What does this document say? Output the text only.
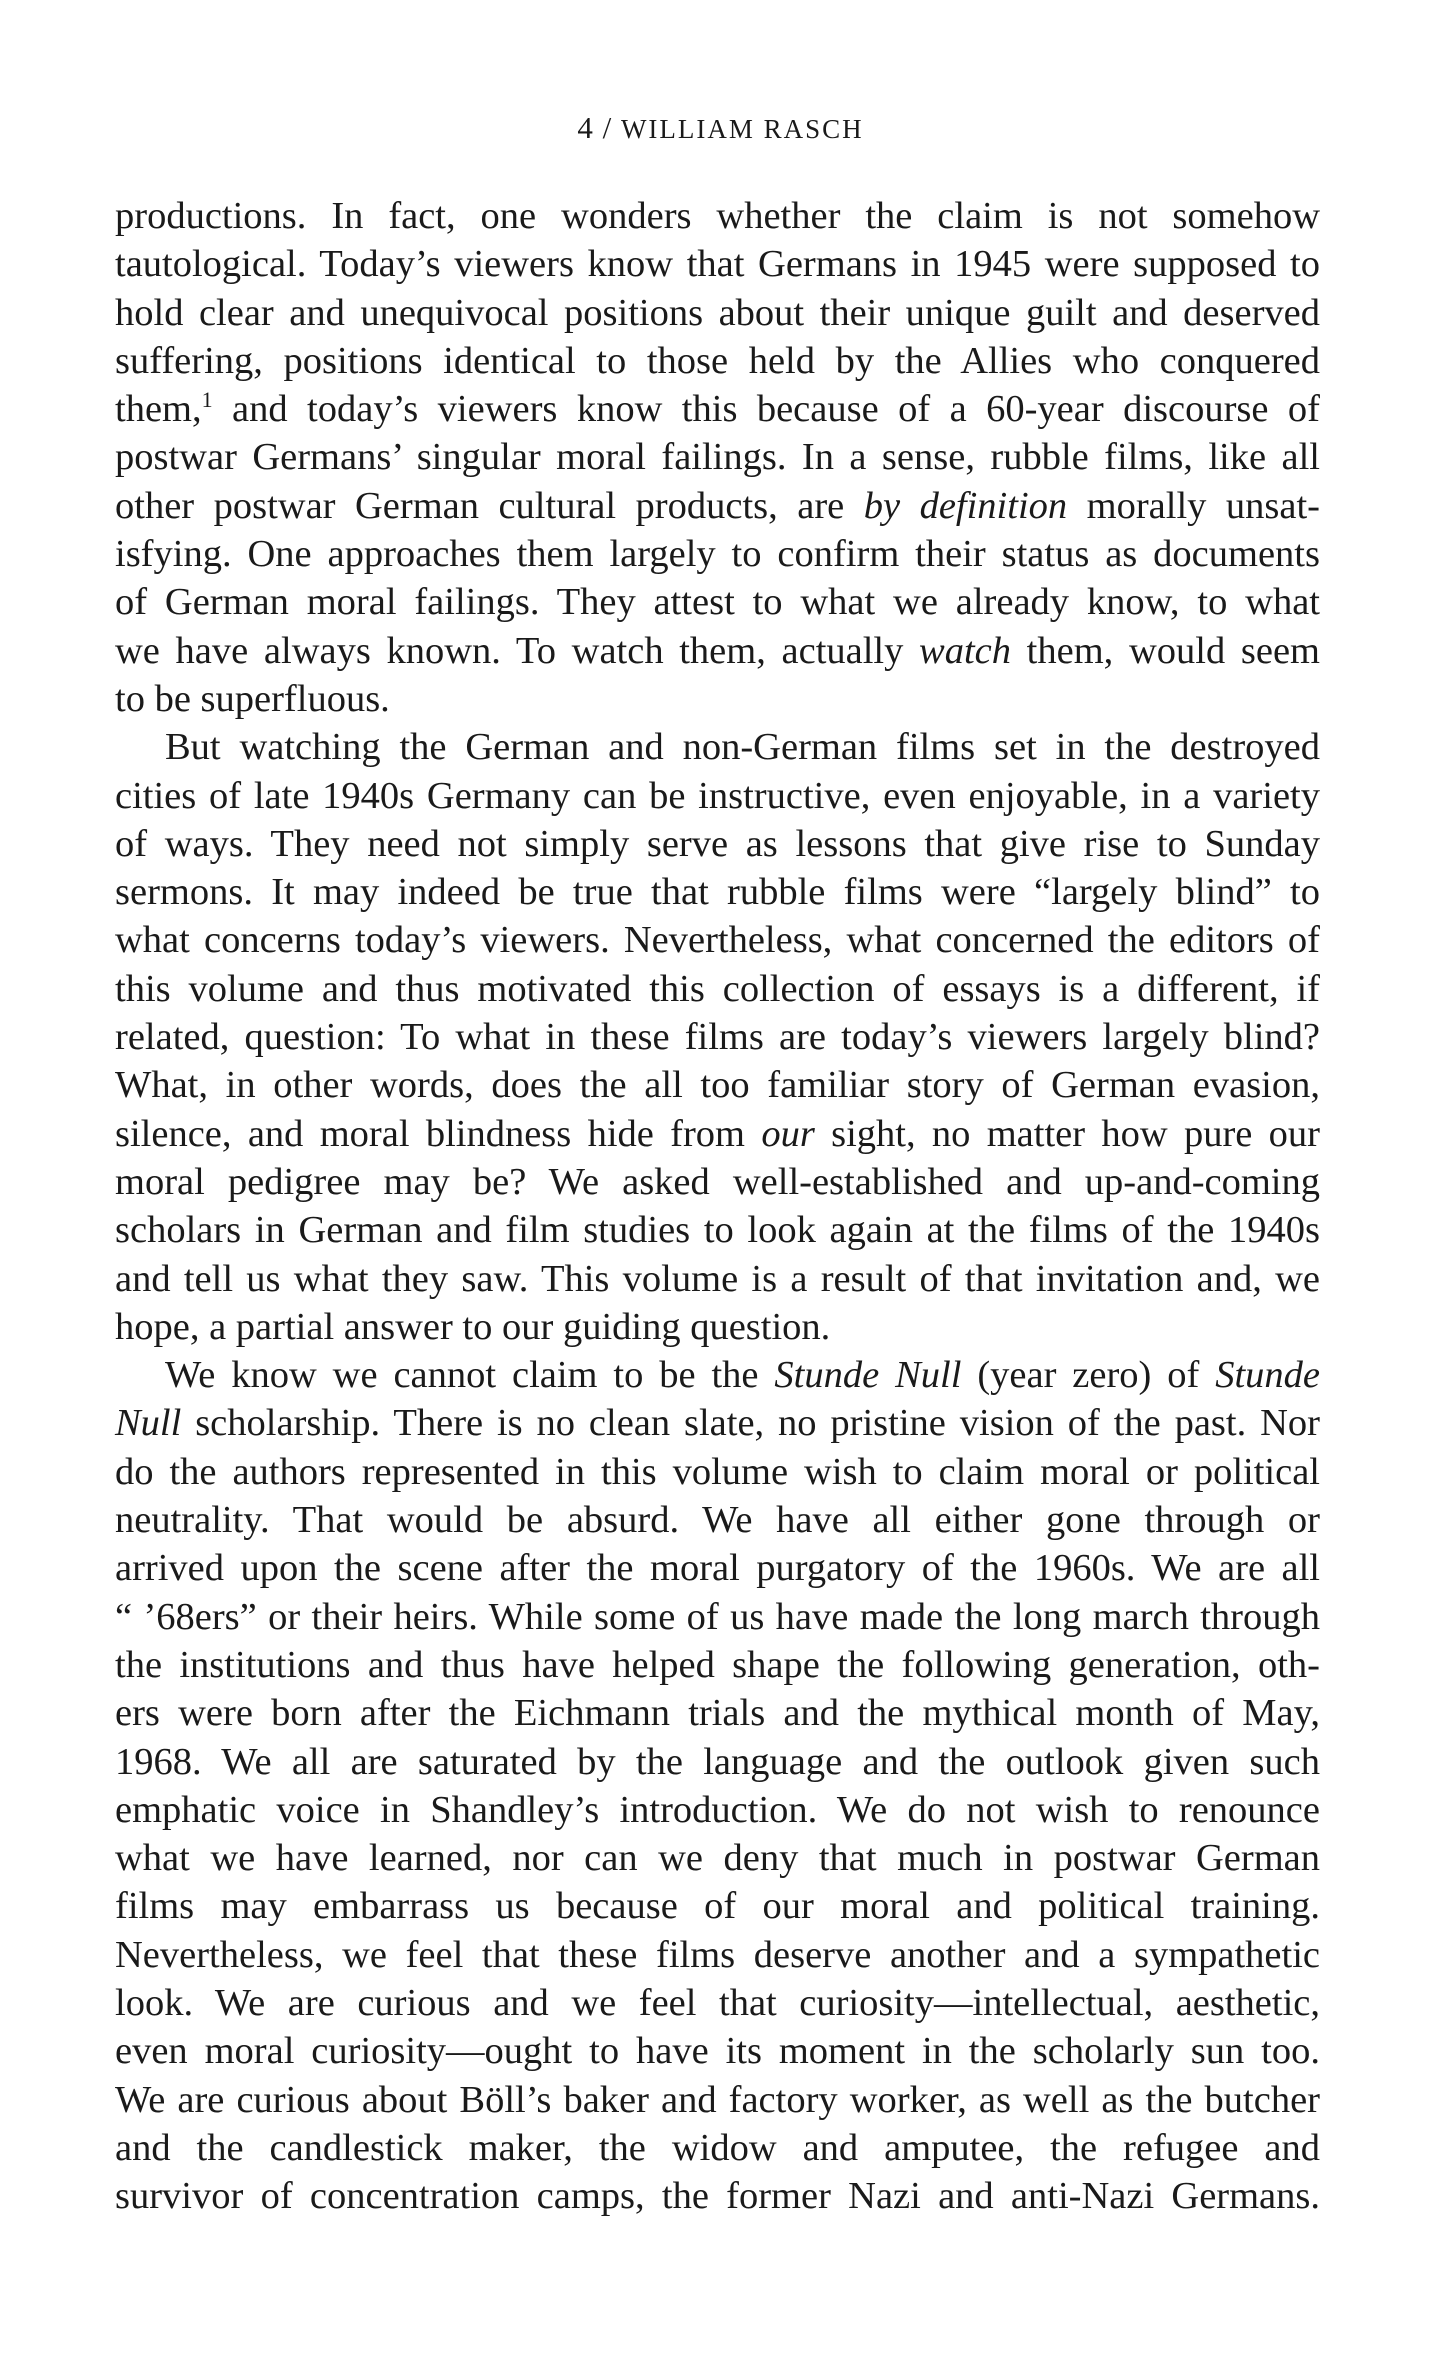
4 / WILLIAM RASCH
productions. In fact, one wonders whether the claim is not somehow
tautological. Today’s viewers know that Germans in 1945 were supposed to
hold clear and unequivocal positions about their unique guilt and deserved
suffering, positions identical to those held by the Allies who conquered
them,$^1$ and today’s viewers know this because of a 60-year discourse of
postwar Germans’ singular moral failings. In a sense, rubble films, like all
other postwar German cultural products, are by definition morally unsat-
isfying. One approaches them largely to confirm their status as documents
of German moral failings. They attest to what we already know, to what
we have always known. To watch them, actually watch them, would seem
to be superfluous.
But watching the German and non-German films set in the destroyed
cities of late 1940s Germany can be instructive, even enjoyable, in a variety
of ways. They need not simply serve as lessons that give rise to Sunday
sermons. It may indeed be true that rubble films were “largely blind” to
what concerns today’s viewers. Nevertheless, what concerned the editors of
this volume and thus motivated this collection of essays is a different, if
related, question: To what in these films are today’s viewers largely blind?
What, in other words, does the all too familiar story of German evasion,
silence, and moral blindness hide from our sight, no matter how pure our
moral pedigree may be? We asked well-established and up-and-coming
scholars in German and film studies to look again at the films of the 1940s
and tell us what they saw. This volume is a result of that invitation and, we
hope, a partial answer to our guiding question.
We know we cannot claim to be the Stunde Null (year zero) of Stunde
Null scholarship. There is no clean slate, no pristine vision of the past. Nor
do the authors represented in this volume wish to claim moral or political
neutrality. That would be absurd. We have all either gone through or
arrived upon the scene after the moral purgatory of the 1960s. We are all
“ ’68ers” or their heirs. While some of us have made the long march through
the institutions and thus have helped shape the following generation, oth-
ers were born after the Eichmann trials and the mythical month of May,
1968. We all are saturated by the language and the outlook given such
emphatic voice in Shandley’s introduction. We do not wish to renounce
what we have learned, nor can we deny that much in postwar German
films may embarrass us because of our moral and political training.
Nevertheless, we feel that these films deserve another and a sympathetic
look. We are curious and we feel that curiosity—intellectual, aesthetic,
even moral curiosity—ought to have its moment in the scholarly sun too.
We are curious about Böll’s baker and factory worker, as well as the butcher
and the candlestick maker, the widow and amputee, the refugee and
survivor of concentration camps, the former Nazi and anti-Nazi Germans.
